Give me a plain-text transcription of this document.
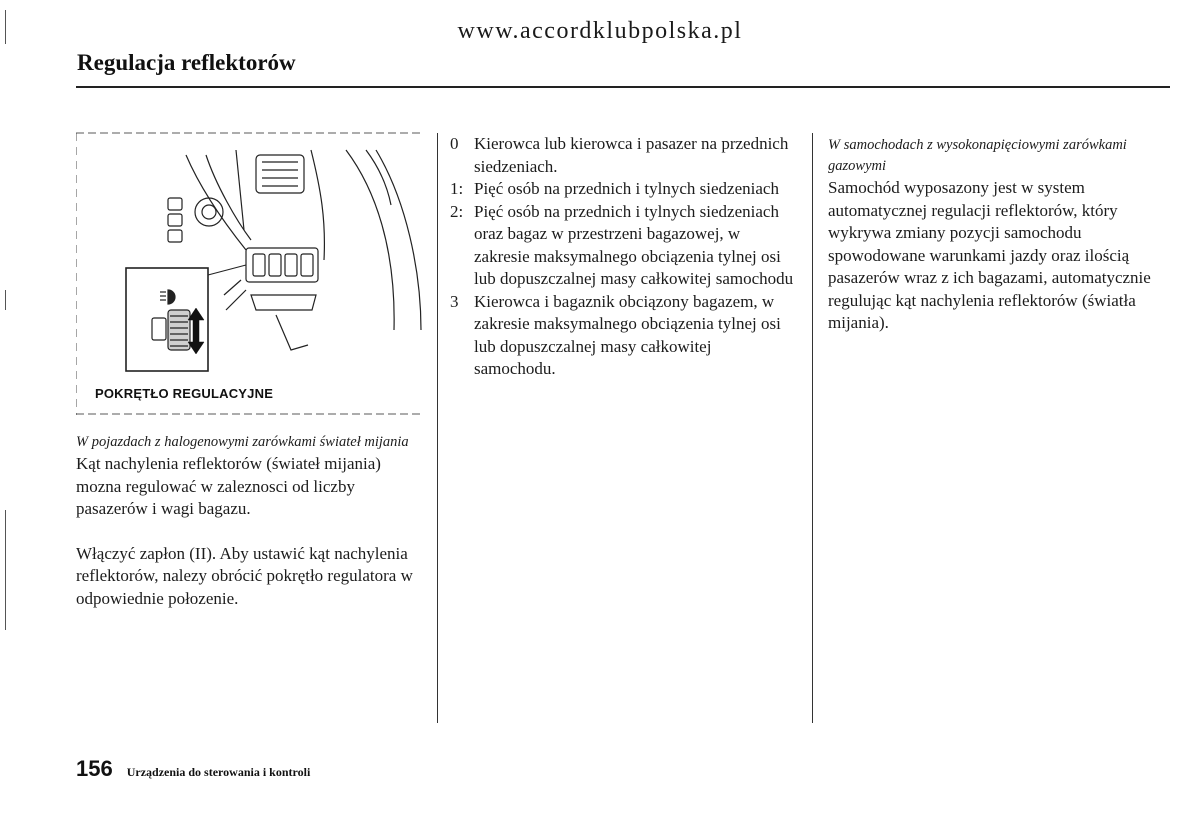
www.accordklubpolska.pl
Regulacja reflektorów
POKRĘTŁO REGULACYJNE

W pojazdach z halogenowymi zarówkami świateł mijania

Kąt nachylenia reflektorów (świateł mijania) mozna regulować w zaleznosci od liczby pasazerów i wagi bagazu.

Włączyć zapłon (II). Aby ustawić kąt nachylenia reflektorów, nalezy obrócić pokrętło regulatora w odpowiednie połozenie.

0 Kierowca lub kierowca i pasazer na przednich siedzeniach.
1: Pięć osób na przednich i tylnych siedzeniach
2: Pięć osób na przednich i tylnych siedzeniach oraz bagaz w przestrzeni bagazowej, w zakresie maksymalnego obciązenia tylnej osi lub dopuszczalnej masy całkowitej samochodu
3 Kierowca i bagaznik obciązony bagazem, w zakresie maksymalnego obciązenia tylnej osi lub dopuszczalnej masy całkowitej samochodu.

W samochodach z wysokonapięciowymi zarówkami gazowymi

Samochód wyposazony jest w system automatycznej regulacji reflektorów, który wykrywa zmiany pozycji samochodu spowodowane warunkami jazdy oraz ilością pasazerów wraz z ich bagazami, automatycznie regulując kąt nachylenia reflektorów (światła mijania).

156 Urządzenia do sterowania i kontroli
